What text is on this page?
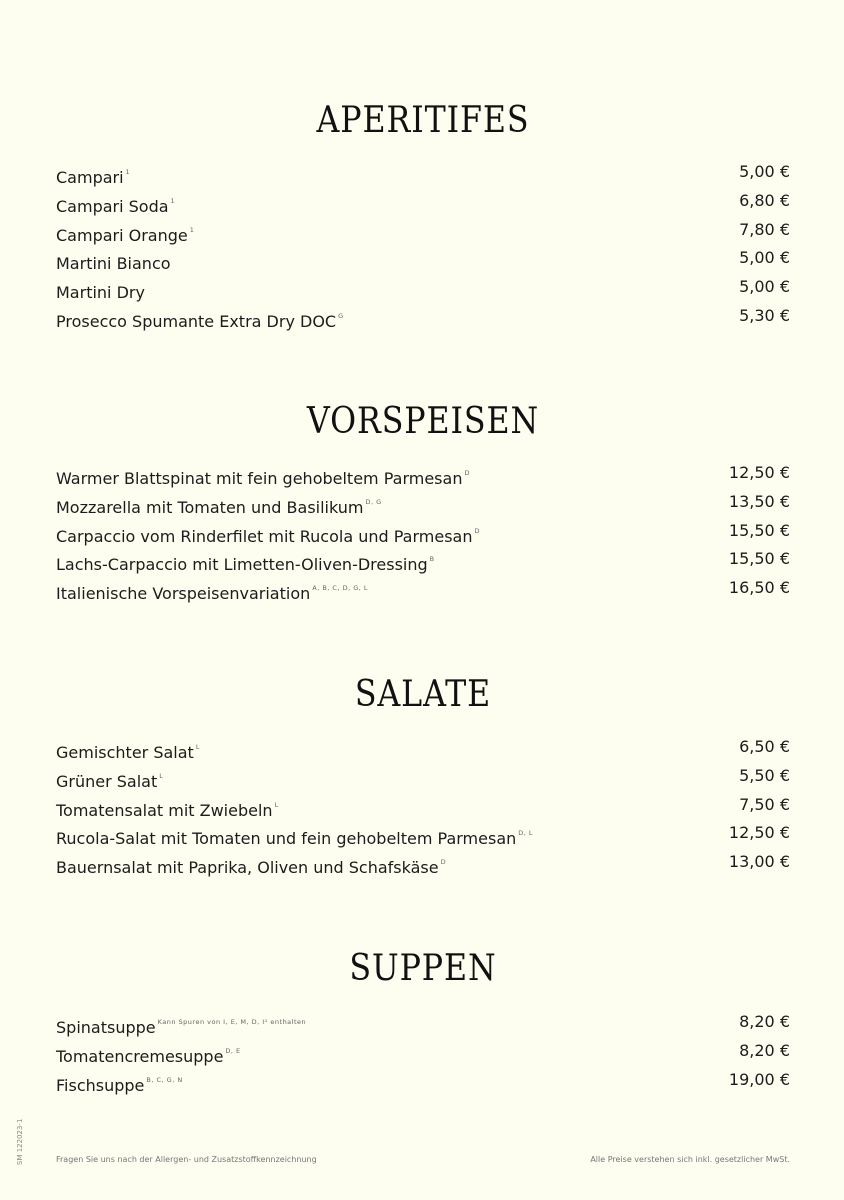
APERITIFES
Campari $^1$	5,00 €
Campari Soda $^1$	6,80 €
Campari Orange $^1$	7,80 €
Martini Bianco	5,00 €
Martini Dry	5,00 €
Prosecco Spumante Extra Dry DOC $^G$	5,30 €
VORSPEISEN
Warmer Blattspinat mit fein gehobeltem Parmesan $^D$	12,50 €
Mozzarella mit Tomaten und Basilikum $^{D, G}$	13,50 €
Carpaccio vom Rinderfilet mit Rucola und Parmesan $^D$	15,50 €
Lachs-Carpaccio mit Limetten-Oliven-Dressing $^B$	15,50 €
Italienische Vorspeisenvariation $^{A, B, C, D, G, L}$	16,50 €
SALATE
Gemischter Salat $^L$	6,50 €
Grüner Salat $^L$	5,50 €
Tomatensalat mit Zwiebeln $^L$	7,50 €
Rucola-Salat mit Tomaten und fein gehobeltem Parmesan $^{D, L}$	12,50 €
Bauernsalat mit Paprika, Oliven und Schafskäse $^D$	13,00 €
SUPPEN
Spinatsuppe $^{Kann Spuren von I, E, M, D, I^1 enthalten}$	8,20 €
Tomatencremesuppe $^{D, E}$	8,20 €
Fischsuppe $^{B, C, G, N}$	19,00 €
Fragen Sie uns nach der Allergen- und Zusatzstoffkennzeichnung	Alle Preise verstehen sich inkl. gesetzlicher MwSt.
SM 122023-1
